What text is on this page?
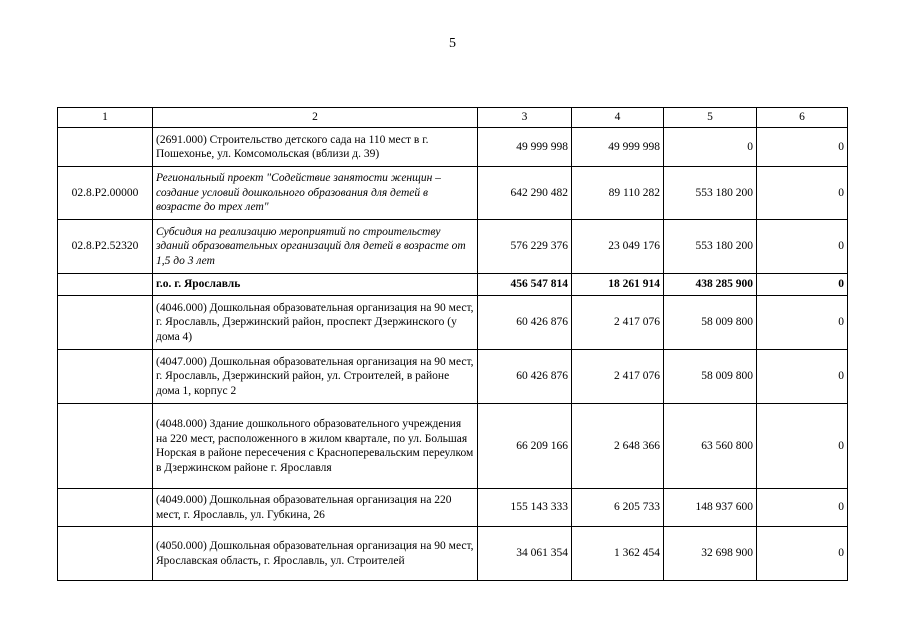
5
1	2	3	4	5	6
	(2691.000) Строительство детского сада на 110 мест в г. Пошехонье, ул. Комсомольская (вблизи д. 39)	49 999 998	49 999 998	0	0
02.8.P2.00000	Региональный проект "Содействие занятости женщин – создание условий дошкольного образования для детей в возрасте до трех лет"	642 290 482	89 110 282	553 180 200	0
02.8.P2.52320	Субсидия на реализацию мероприятий по строительству зданий образовательных организаций для детей в возрасте от 1,5 до 3 лет	576 229 376	23 049 176	553 180 200	0
	г.о. г. Ярославль	456 547 814	18 261 914	438 285 900	0
	(4046.000) Дошкольная образовательная организация на 90 мест, г. Ярославль, Дзержинский район, проспект Дзержинского (у дома 4)	60 426 876	2 417 076	58 009 800	0
	(4047.000) Дошкольная образовательная организация на 90 мест, г. Ярославль, Дзержинский район, ул. Строителей, в районе дома 1, корпус 2	60 426 876	2 417 076	58 009 800	0
	(4048.000) Здание дошкольного образовательного учреждения на 220 мест, расположенного в жилом квартале, по ул. Большая Норская в районе пересечения с Красноперевальским переулком в Дзержинском районе г. Ярославля	66 209 166	2 648 366	63 560 800	0
	(4049.000) Дошкольная образовательная организация на 220 мест, г. Ярославль, ул. Губкина, 26	155 143 333	6 205 733	148 937 600	0
	(4050.000) Дошкольная образовательная организация на 90 мест, Ярославская область, г. Ярославль, ул. Строителей	34 061 354	1 362 454	32 698 900	0
